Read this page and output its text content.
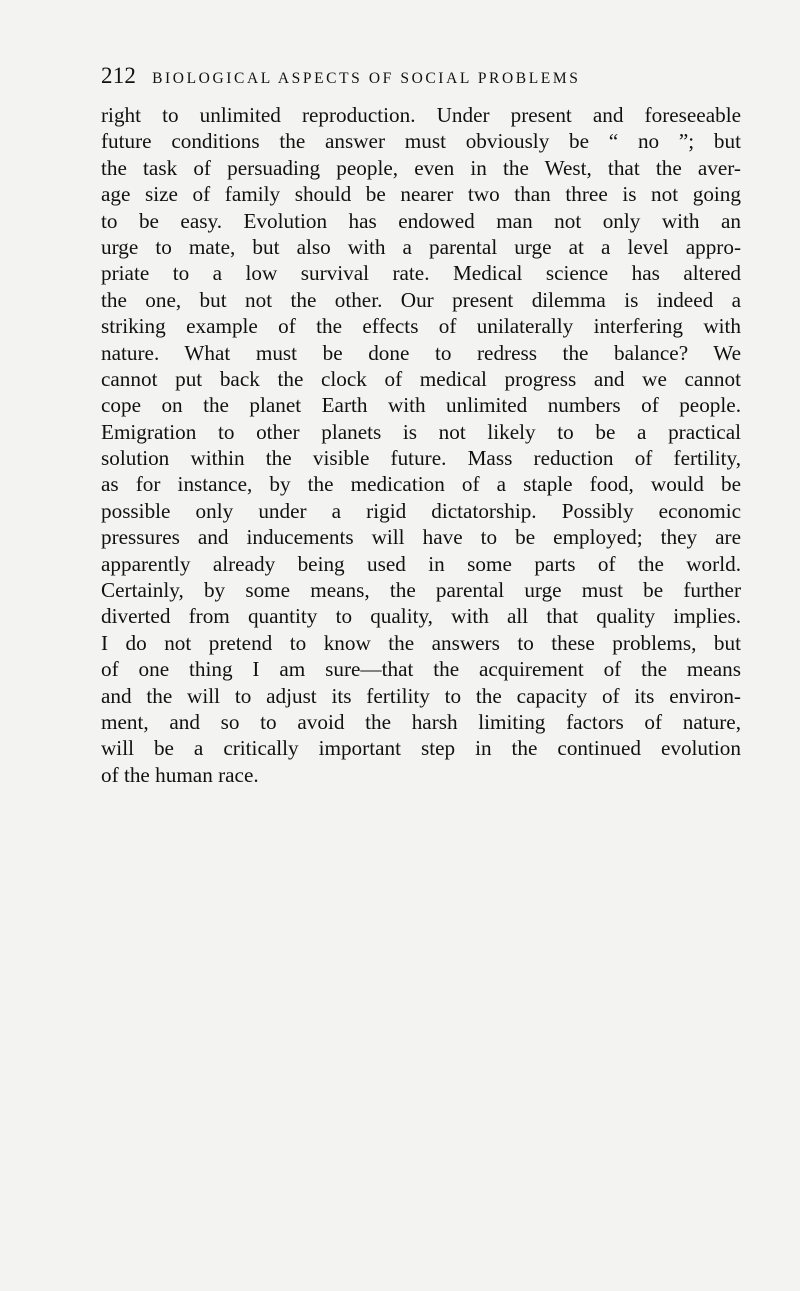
212 BIOLOGICAL ASPECTS OF SOCIAL PROBLEMS
right to unlimited reproduction. Under present and foreseeable
future conditions the answer must obviously be “ no ”; but
the task of persuading people, even in the West, that the aver-
age size of family should be nearer two than three is not going
to be easy. Evolution has endowed man not only with an
urge to mate, but also with a parental urge at a level appro-
priate to a low survival rate. Medical science has altered
the one, but not the other. Our present dilemma is indeed a
striking example of the effects of unilaterally interfering with
nature. What must be done to redress the balance? We
cannot put back the clock of medical progress and we cannot
cope on the planet Earth with unlimited numbers of people.
Emigration to other planets is not likely to be a practical
solution within the visible future. Mass reduction of fertility,
as for instance, by the medication of a staple food, would be
possible only under a rigid dictatorship. Possibly economic
pressures and inducements will have to be employed; they are
apparently already being used in some parts of the world.
Certainly, by some means, the parental urge must be further
diverted from quantity to quality, with all that quality implies.
I do not pretend to know the answers to these problems, but
of one thing I am sure—that the acquirement of the means
and the will to adjust its fertility to the capacity of its environ-
ment, and so to avoid the harsh limiting factors of nature,
will be a critically important step in the continued evolution
of the human race.
